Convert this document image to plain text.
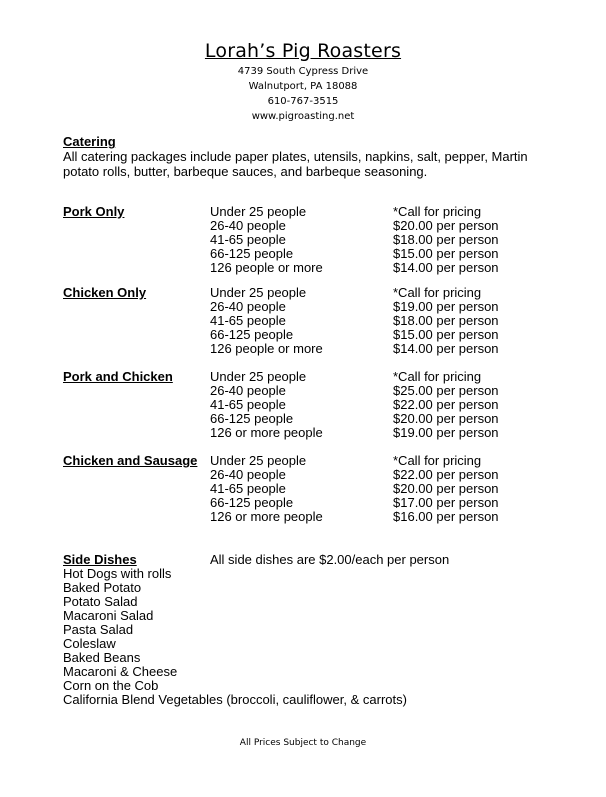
Lorah’s Pig Roasters
4739 South Cypress Drive
Walnutport, PA 18088
610-767-3515
www.pigroasting.net
Catering
All catering packages include paper plates, utensils, napkins, salt, pepper, Martin potato rolls, butter, barbeque sauces, and barbeque seasoning.
Pork Only	Under 25 people	*Call for pricing
26-40 people	$20.00 per person
41-65 people	$18.00 per person
66-125 people	$15.00 per person
126 people or more	$14.00 per person
Chicken Only	Under 25 people	*Call for pricing
26-40 people	$19.00 per person
41-65 people	$18.00 per person
66-125 people	$15.00 per person
126 people or more	$14.00 per person
Pork and Chicken	Under 25 people	*Call for pricing
26-40 people	$25.00 per person
41-65 people	$22.00 per person
66-125 people	$20.00 per person
126 or more people	$19.00 per person
Chicken and Sausage Under 25 people	*Call for pricing
26-40 people	$22.00 per person
41-65 people	$20.00 per person
66-125 people	$17.00 per person
126 or more people	$16.00 per person
Side Dishes	All side dishes are $2.00/each per person
Hot Dogs with rolls
Baked Potato
Potato Salad
Macaroni Salad
Pasta Salad
Coleslaw
Baked Beans
Macaroni & Cheese
Corn on the Cob
California Blend Vegetables (broccoli, cauliflower, & carrots)
All Prices Subject to Change
